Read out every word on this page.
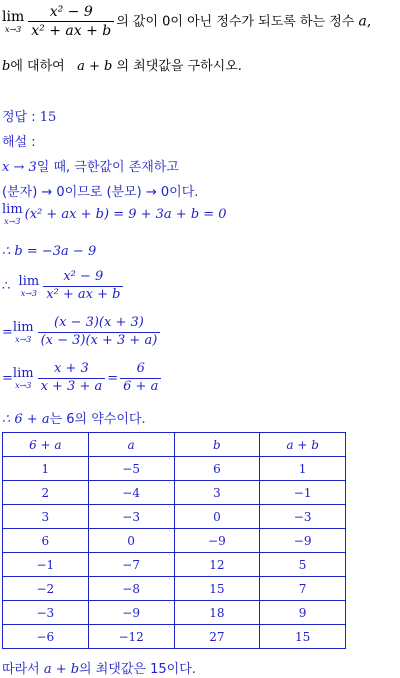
lim
$x\to 3 \frac{\text{x² − 9}}{\text{x² + ax + b}}$ 의 값이 0이 아닌 정수가 되도록 하는 정수 a,
b에 대하여 a + b 의 최댓값을 구하시오.
정답 : 15
해설 :
x → 3일 때, 극한값이 존재하고
(분자) → 0이므로 (분모) → 0이다.
lim
x→3 (x² + ax + b) = 9 + 3a + b = 0
∴ b = −3a − 9
∴ lim
$x\to 3 \frac{\text{x² − 9}}{\text{x² + ax + b}}$
= lim
$x\to 3 \frac{(x - 3)(x + 3)}{(x - 3)(x + 3 + a)}$
= lim
$x\to 3 \frac{x + 3}{x + 3 + a} = \frac{6}{6 + a}$
∴ 6 + a는 6의 약수이다.
6 + a	a	b	a + b
1	−5	6	1
2	−4	3	−1
3	−3	0	−3
6	0	−9	−9
−1	−7	12	5
−2	−8	15	7
−3	−9	18	9
−6	−12	27	15
따라서 a + b의 최댓값은 15이다.
